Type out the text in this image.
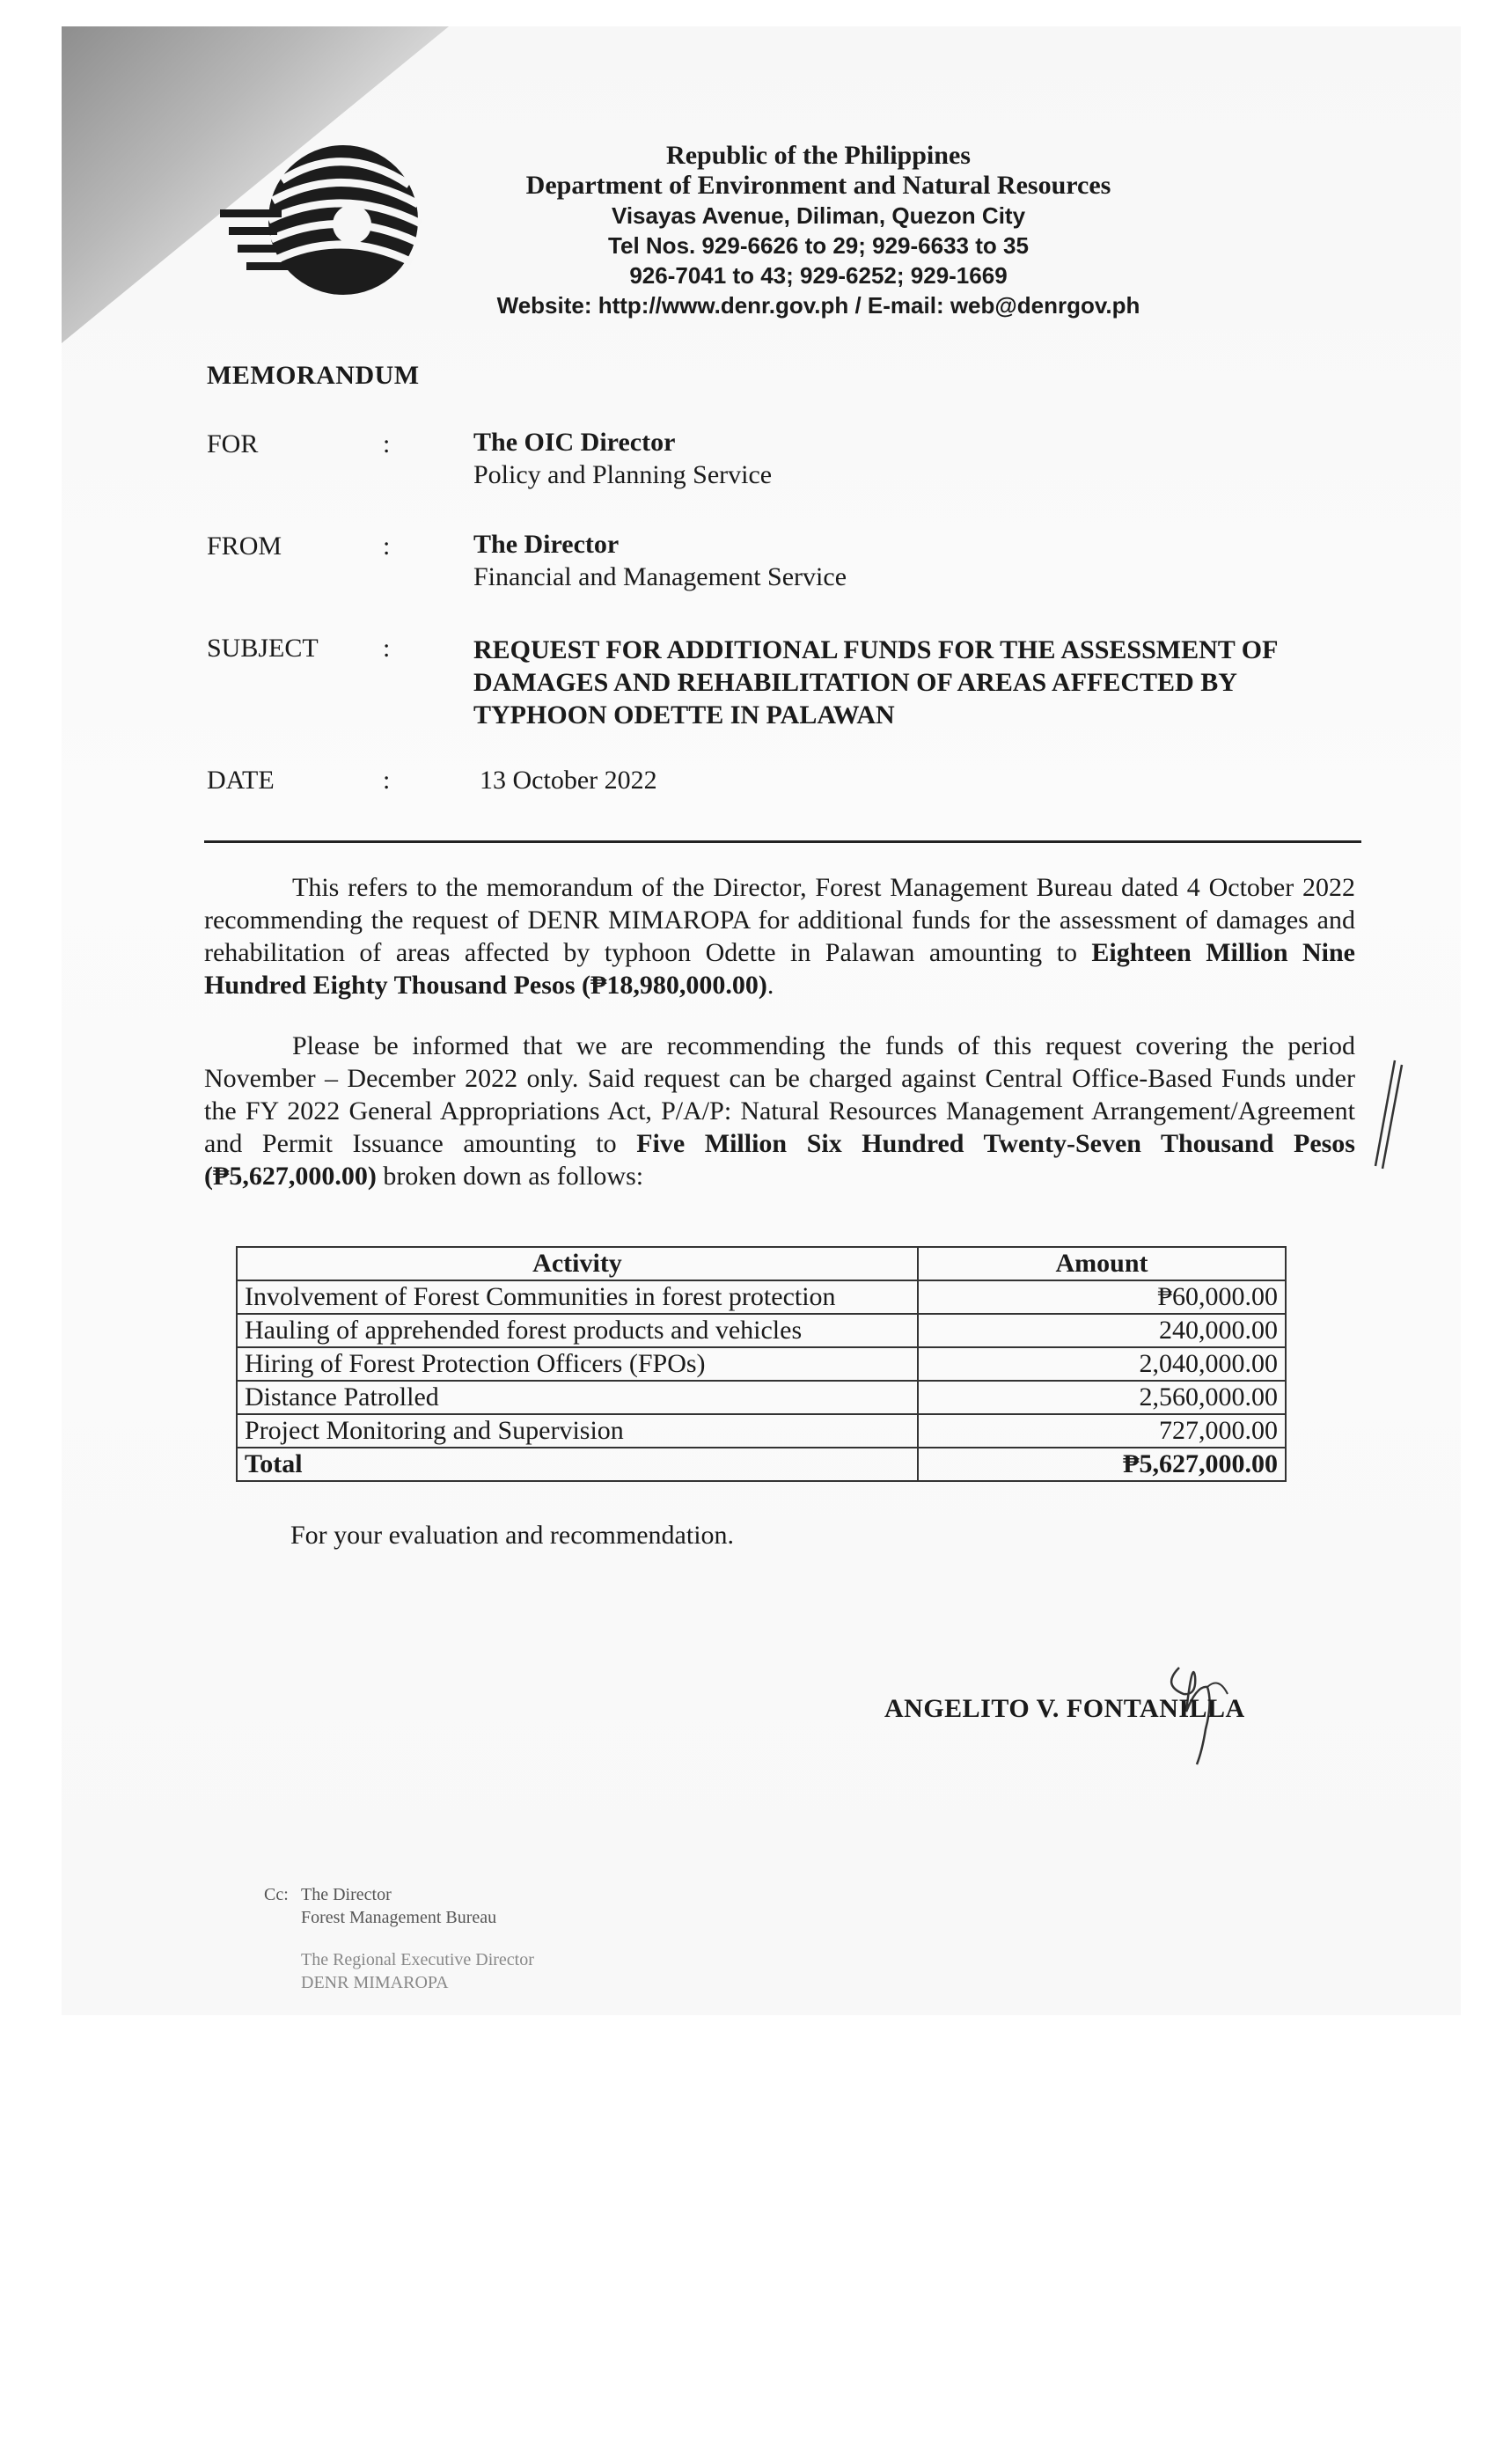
Republic of the Philippines
Department of Environment and Natural Resources
Visayas Avenue, Diliman, Quezon City
Tel Nos. 929-6626 to 29; 929-6633 to 35
926-7041 to 43; 929-6252; 929-1669
Website: http://www.denr.gov.ph / E-mail: web@denrgov.ph
MEMORANDUM
FOR	:	The OIC Director
Policy and Planning Service
FROM	:	The Director
Financial and Management Service
SUBJECT :	REQUEST FOR ADDITIONAL FUNDS FOR THE ASSESSMENT OF DAMAGES AND REHABILITATION OF AREAS AFFECTED BY TYPHOON ODETTE IN PALAWAN
DATE	:	13 October 2022
This refers to the memorandum of the Director, Forest Management Bureau dated 4 October 2022 recommending the request of DENR MIMAROPA for additional funds for the assessment of damages and rehabilitation of areas affected by typhoon Odette in Palawan amounting to Eighteen Million Nine Hundred Eighty Thousand Pesos (₱18,980,000.00).
Please be informed that we are recommending the funds of this request covering the period November – December 2022 only. Said request can be charged against Central Office-Based Funds under the FY 2022 General Appropriations Act, P/A/P: Natural Resources Management Arrangement/Agreement and Permit Issuance amounting to Five Million Six Hundred Twenty-Seven Thousand Pesos (₱5,627,000.00) broken down as follows:
Activity	Amount
Involvement of Forest Communities in forest protection	₱60,000.00
Hauling of apprehended forest products and vehicles	240,000.00
Hiring of Forest Protection Officers (FPOs)	2,040,000.00
Distance Patrolled	2,560,000.00
Project Monitoring and Supervision	727,000.00
Total	₱5,627,000.00
For your evaluation and recommendation.
ANGELITO V. FONTANILLA
Cc: The Director
Forest Management Bureau
The Regional Executive Director
DENR MIMAROPA
